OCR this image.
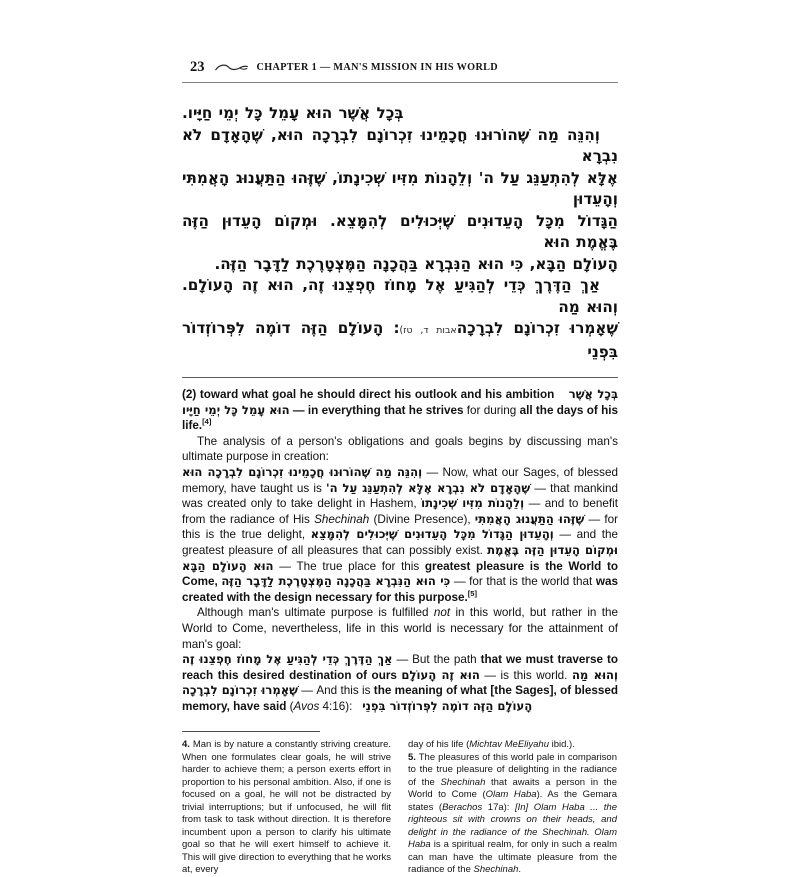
23	CHAPTER 1 — MAN'S MISSION IN HIS WORLD

בְּכָל אֲשֶׁר הוּא עָמֵל כָּל יְמֵי חַיָּיו.

וְהִנֵּה מַה שֶׁהוֹרוּנוּ חֲכָמֵינוּ זִכְרוֹנָם לִבְרָכָה הוּא, שֶׁהָאָדָם לֹא נִבְרָא

אֶלָּא לְהִתְעַנֵּג עַל ה' וְלֵהָנוֹת מִזִּיו שְׁכִינָתוֹ, שֶׁזֶּהוּ הַתַּעֲנוּג הָאֲמִתִּי וְהָעֵדוּן

הַגָּדוֹל מִכָּל הָעֵדוּנִים שֶׁיְּכוּלִים לְהִמָּצֵא. וּמְקוֹם הָעֵדוּן הַזֶּה בֶּאֱמֶת הוּא

הָעוֹלָם הַבָּא, כִּי הוּא הַנִּבְרָא בַּהֲכָנָה הַמֶּצְטָרֶכֶת לַדָּבָר הַזֶּה.

אַךְ הַדֶּרֶךְ כְּדֵי לְהַגִּיעַ אֶל מָחוֹז חֶפְצֵנוּ זֶה, הוּא זֶה הָעוֹלָם. וְהוּא מַה

שֶׁאָמְרוּ זִכְרוֹנָם לִבְרָכָהאבות ד, טז): הָעוֹלָם הַזֶּה דוֹמֶה לִפְּרוֹזְדוֹר בִּפְנֵי

(2) toward what goal he should direct his outlook and his ambition בְּכָל אֲשֶׁר הוּא עָמֵל כָּל יְמֵי חַיָּיו — in everything that he strives for during all the days of his life.[4]

The analysis of a person's obligations and goals begins by discussing man's ultimate purpose in creation:

וְהִנֵּה מַה שֶׁהוֹרוּנוּ חֲכָמֵינוּ זִכְרוֹנָם לִבְרָכָה הוּא — Now, what our Sages, of blessed memory, have taught us is שֶׁהָאָדָם לֹא נִבְרָא אֶלָּא לְהִתְעַנֵּג עַל ה' — that mankind was created only to take delight in Hashem, וְלֵהָנוֹת מִזִּיו שְׁכִינָתוֹ — and to benefit from the radiance of His Shechinah (Divine Presence), שֶׁזֶּהוּ הַתַּעֲנוּג הָאֲמִתִּי — for this is the true delight, וְהָעֵדוּן הַגָּדוֹל מִכָּל הָעֵדוּנִים שֶׁיְּכוּלִים לְהִמָּצֵא — and the greatest pleasure of all pleasures that can possibly exist. וּמְקוֹם הָעֵדוּן הַזֶּה בֶּאֱמֶת הוּא הָעוֹלָם הַבָּא — The true place for this greatest pleasure is the World to Come, כִּי הוּא הַנִּבְרָא בַּהֲכָנָה הַמֶּצְטָרֶכֶת לַדָּבָר הַזֶּה — for that is the world that was created with the design necessary for this purpose.[5]

Although man's ultimate purpose is fulfilled not in this world, but rather in the World to Come, nevertheless, life in this world is necessary for the attainment of man's goal:

אַךְ הַדֶּרֶךְ כְּדֵי לְהַגִּיעַ אֶל מָחוֹז חֶפְצֵנוּ זֶה — But the path that we must traverse to reach this desired destination of ours הוּא זֶה הָעוֹלָם — is this world. וְהוּא מַה שֶׁאָמְרוּ זִכְרוֹנָם לִבְרָכָה — And this is the meaning of what [the Sages], of blessed memory, have said (Avos 4:16):   הָעוֹלָם הַזֶּה דוֹמֶה לִפְּרוֹזְדוֹר בִּפְנֵי

4. Man is by nature a constantly striving creature. When one formulates clear goals, he will strive harder to achieve them; a person exerts effort in proportion to his personal ambition. Also, if one is focused on a goal, he will not be distracted by trivial interruptions; but if unfocused, he will flit from task to task without direction. It is therefore incumbent upon a person to clarify his ultimate goal so that he will exert himself to achieve it. This will give direction to everything that he works at, every

day of his life (Michtav MeEliyahu ibid.).

5. The pleasures of this world pale in comparison to the true pleasure of delighting in the radiance of the Shechinah that awaits a person in the World to Come (Olam Haba). As the Gemara states (Berachos 17a): [In] Olam Haba ... the righteous sit with crowns on their heads, and delight in the radiance of the Shechinah. Olam Haba is a spiritual realm, for only in such a realm can man have the ultimate pleasure from the radiance of the Shechinah.
